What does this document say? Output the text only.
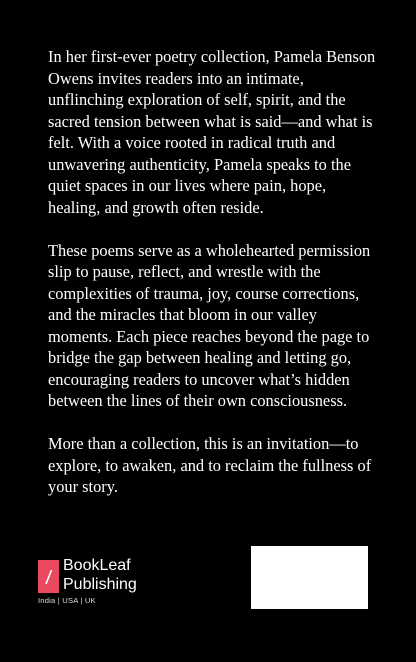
In her first-ever poetry collection, Pamela Benson Owens invites readers into an intimate, unflinching exploration of self, spirit, and the sacred tension between what is said—and what is felt. With a voice rooted in radical truth and unwavering authenticity, Pamela speaks to the quiet spaces in our lives where pain, hope, healing, and growth often reside.

These poems serve as a wholehearted permission slip to pause, reflect, and wrestle with the complexities of trauma, joy, course corrections, and the miracles that bloom in our valley moments. Each piece reaches beyond the page to bridge the gap between healing and letting go, encouraging readers to uncover what’s hidden between the lines of their own consciousness.

More than a collection, this is an invitation—to explore, to awaken, and to reclaim the fullness of your story.

BookLeaf
Publishing
India | USA | UK
